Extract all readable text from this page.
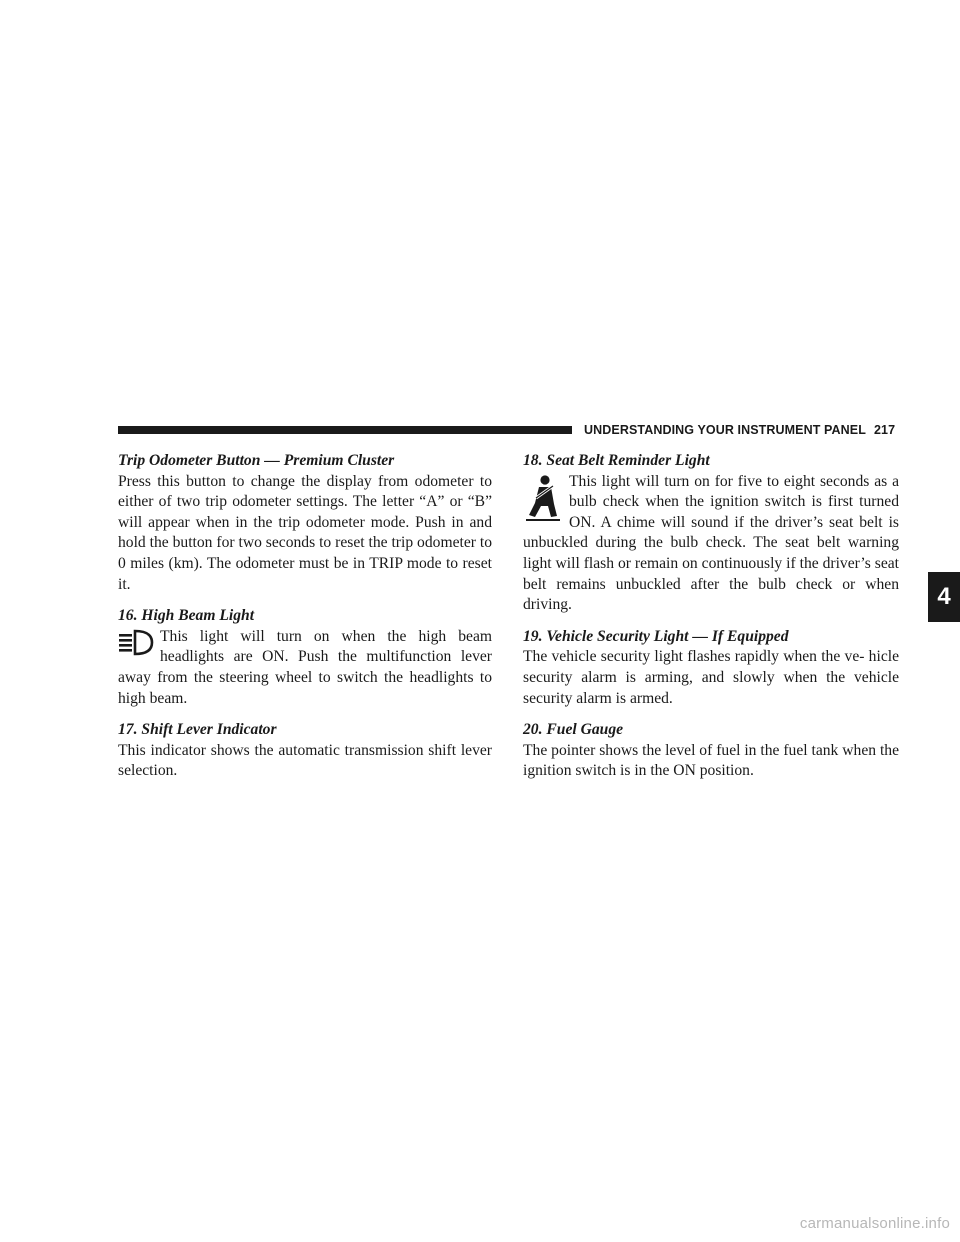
UNDERSTANDING YOUR INSTRUMENT PANEL 217
4
Trip Odometer Button — Premium Cluster

Press this button to change the display from odometer to either of two trip odometer settings. The letter “A” or “B” will appear when in the trip odometer mode. Push in and hold the button for two seconds to reset the trip odometer to 0 miles (km). The odometer must be in TRIP mode to reset it.

16. High Beam Light

This light will turn on when the high beam headlights are ON. Push the multifunction lever away from the steering wheel to switch the headlights to high beam.

17. Shift Lever Indicator

This indicator shows the automatic transmission shift lever selection.

18. Seat Belt Reminder Light

This light will turn on for five to eight seconds as a bulb check when the ignition switch is first turned ON. A chime will sound if the driver’s seat belt is unbuckled during the bulb check. The seat belt warning light will flash or remain on continuously if the driver’s seat belt remains unbuckled after the bulb check or when driving.

19. Vehicle Security Light — If Equipped

The vehicle security light flashes rapidly when the ve- hicle security alarm is arming, and slowly when the vehicle security alarm is armed.

20. Fuel Gauge

The pointer shows the level of fuel in the fuel tank when the ignition switch is in the ON position.

carmanualsonline.info
